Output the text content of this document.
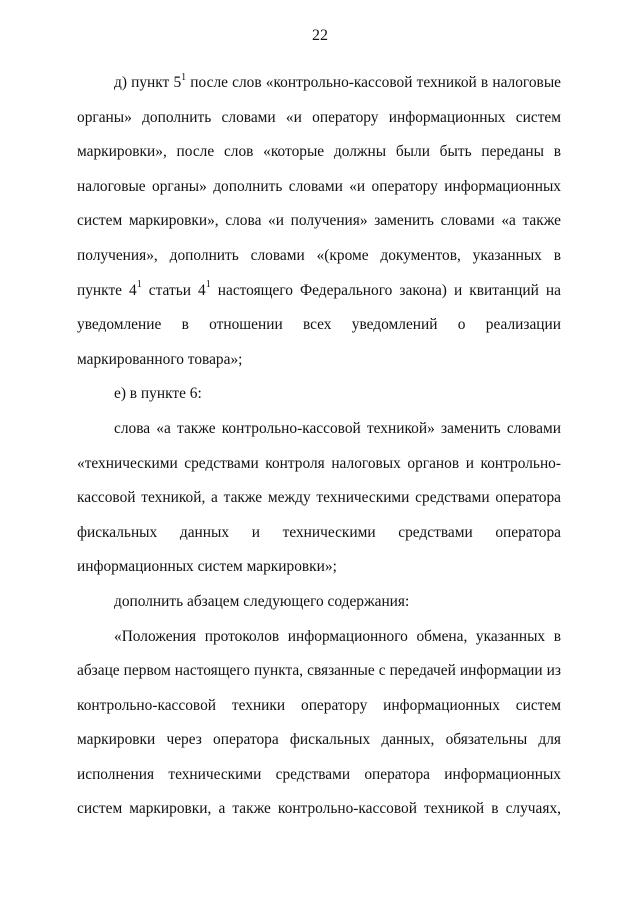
22

д) пункт $5^1$ после слов «контрольно-кассовой техникой в налоговые органы» дополнить словами «и оператору информационных систем маркировки», после слов «которые должны были быть переданы в налоговые органы» дополнить словами «и оператору информационных систем маркировки», слова «и получения» заменить словами «а также получения», дополнить словами «(кроме документов, указанных в пункте $4^1$ статьи $4^1$ настоящего Федерального закона) и квитанций на уведомление в отношении всех уведомлений о реализации маркированного товара»;

е) в пункте 6:

слова «а также контрольно-кассовой техникой» заменить словами «техническими средствами контроля налоговых органов и контрольно-кассовой техникой, а также между техническими средствами оператора фискальных данных и техническими средствами оператора информационных систем маркировки»;

дополнить абзацем следующего содержания:

«Положения протоколов информационного обмена, указанных в абзаце первом настоящего пункта, связанные с передачей информации из контрольно-кассовой техники оператору информационных систем маркировки через оператора фискальных данных, обязательны для исполнения техническими средствами оператора информационных систем маркировки, а также контрольно-кассовой техникой в случаях,
